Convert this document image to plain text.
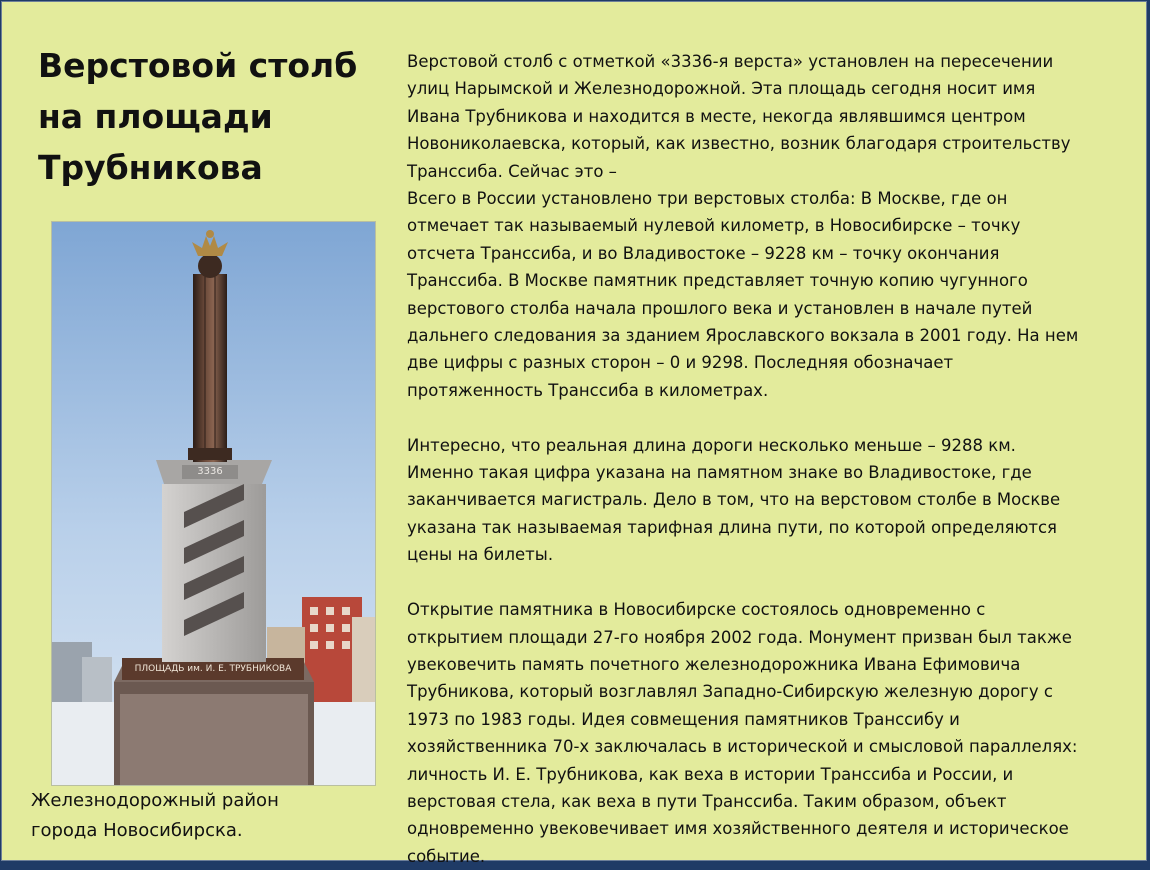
Верстовой столб
на площади
Трубникова
3336
ПЛОЩАДЬ им. И. Е. ТРУБНИКОВА

Железнодорожный район
города Новосибирска.

Верстовой столб с отметкой «3336-я верста» установлен на пересечении
улиц Нарымской и Железнодорожной. Эта площадь сегодня носит имя
Ивана Трубникова и находится в месте, некогда являвшимся центром
Новониколаевска, который, как известно, возник благодаря строительству
Транссиба. Сейчас это –
Всего в России установлено три верстовых столба: В Москве, где он
отмечает так называемый нулевой километр, в Новосибирске – точку
отсчета Транссиба, и во Владивостоке – 9228 км – точку окончания
Транссиба. В Москве памятник представляет точную копию чугунного
верстового столба начала прошлого века и установлен в начале путей
дальнего следования за зданием Ярославского вокзала в 2001 году. На нем
две цифры с разных сторон – 0 и 9298. Последняя обозначает
протяженность Транссиба в километрах.

Интересно, что реальная длина дороги несколько меньше – 9288 км.
Именно такая цифра указана на памятном знаке во Владивостоке, где
заканчивается магистраль. Дело в том, что на верстовом столбе в Москве
указана так называемая тарифная длина пути, по которой определяются
цены на билеты.

Открытие памятника в Новосибирске состоялось одновременно с
открытием площади 27-го ноября 2002 года. Монумент призван был также
увековечить память почетного железнодорожника Ивана Ефимовича
Трубникова, который возглавлял Западно-Сибирскую железную дорогу с
1973 по 1983 годы. Идея совмещения памятников Транссибу и
хозяйственника 70-х заключалась в исторической и смысловой параллелях:
личность И. Е. Трубникова, как веха в истории Транссиба и России, и
верстовая стела, как веха в пути Транссиба. Таким образом, объект
одновременно увековечивает имя хозяйственного деятеля и историческое
событие.
